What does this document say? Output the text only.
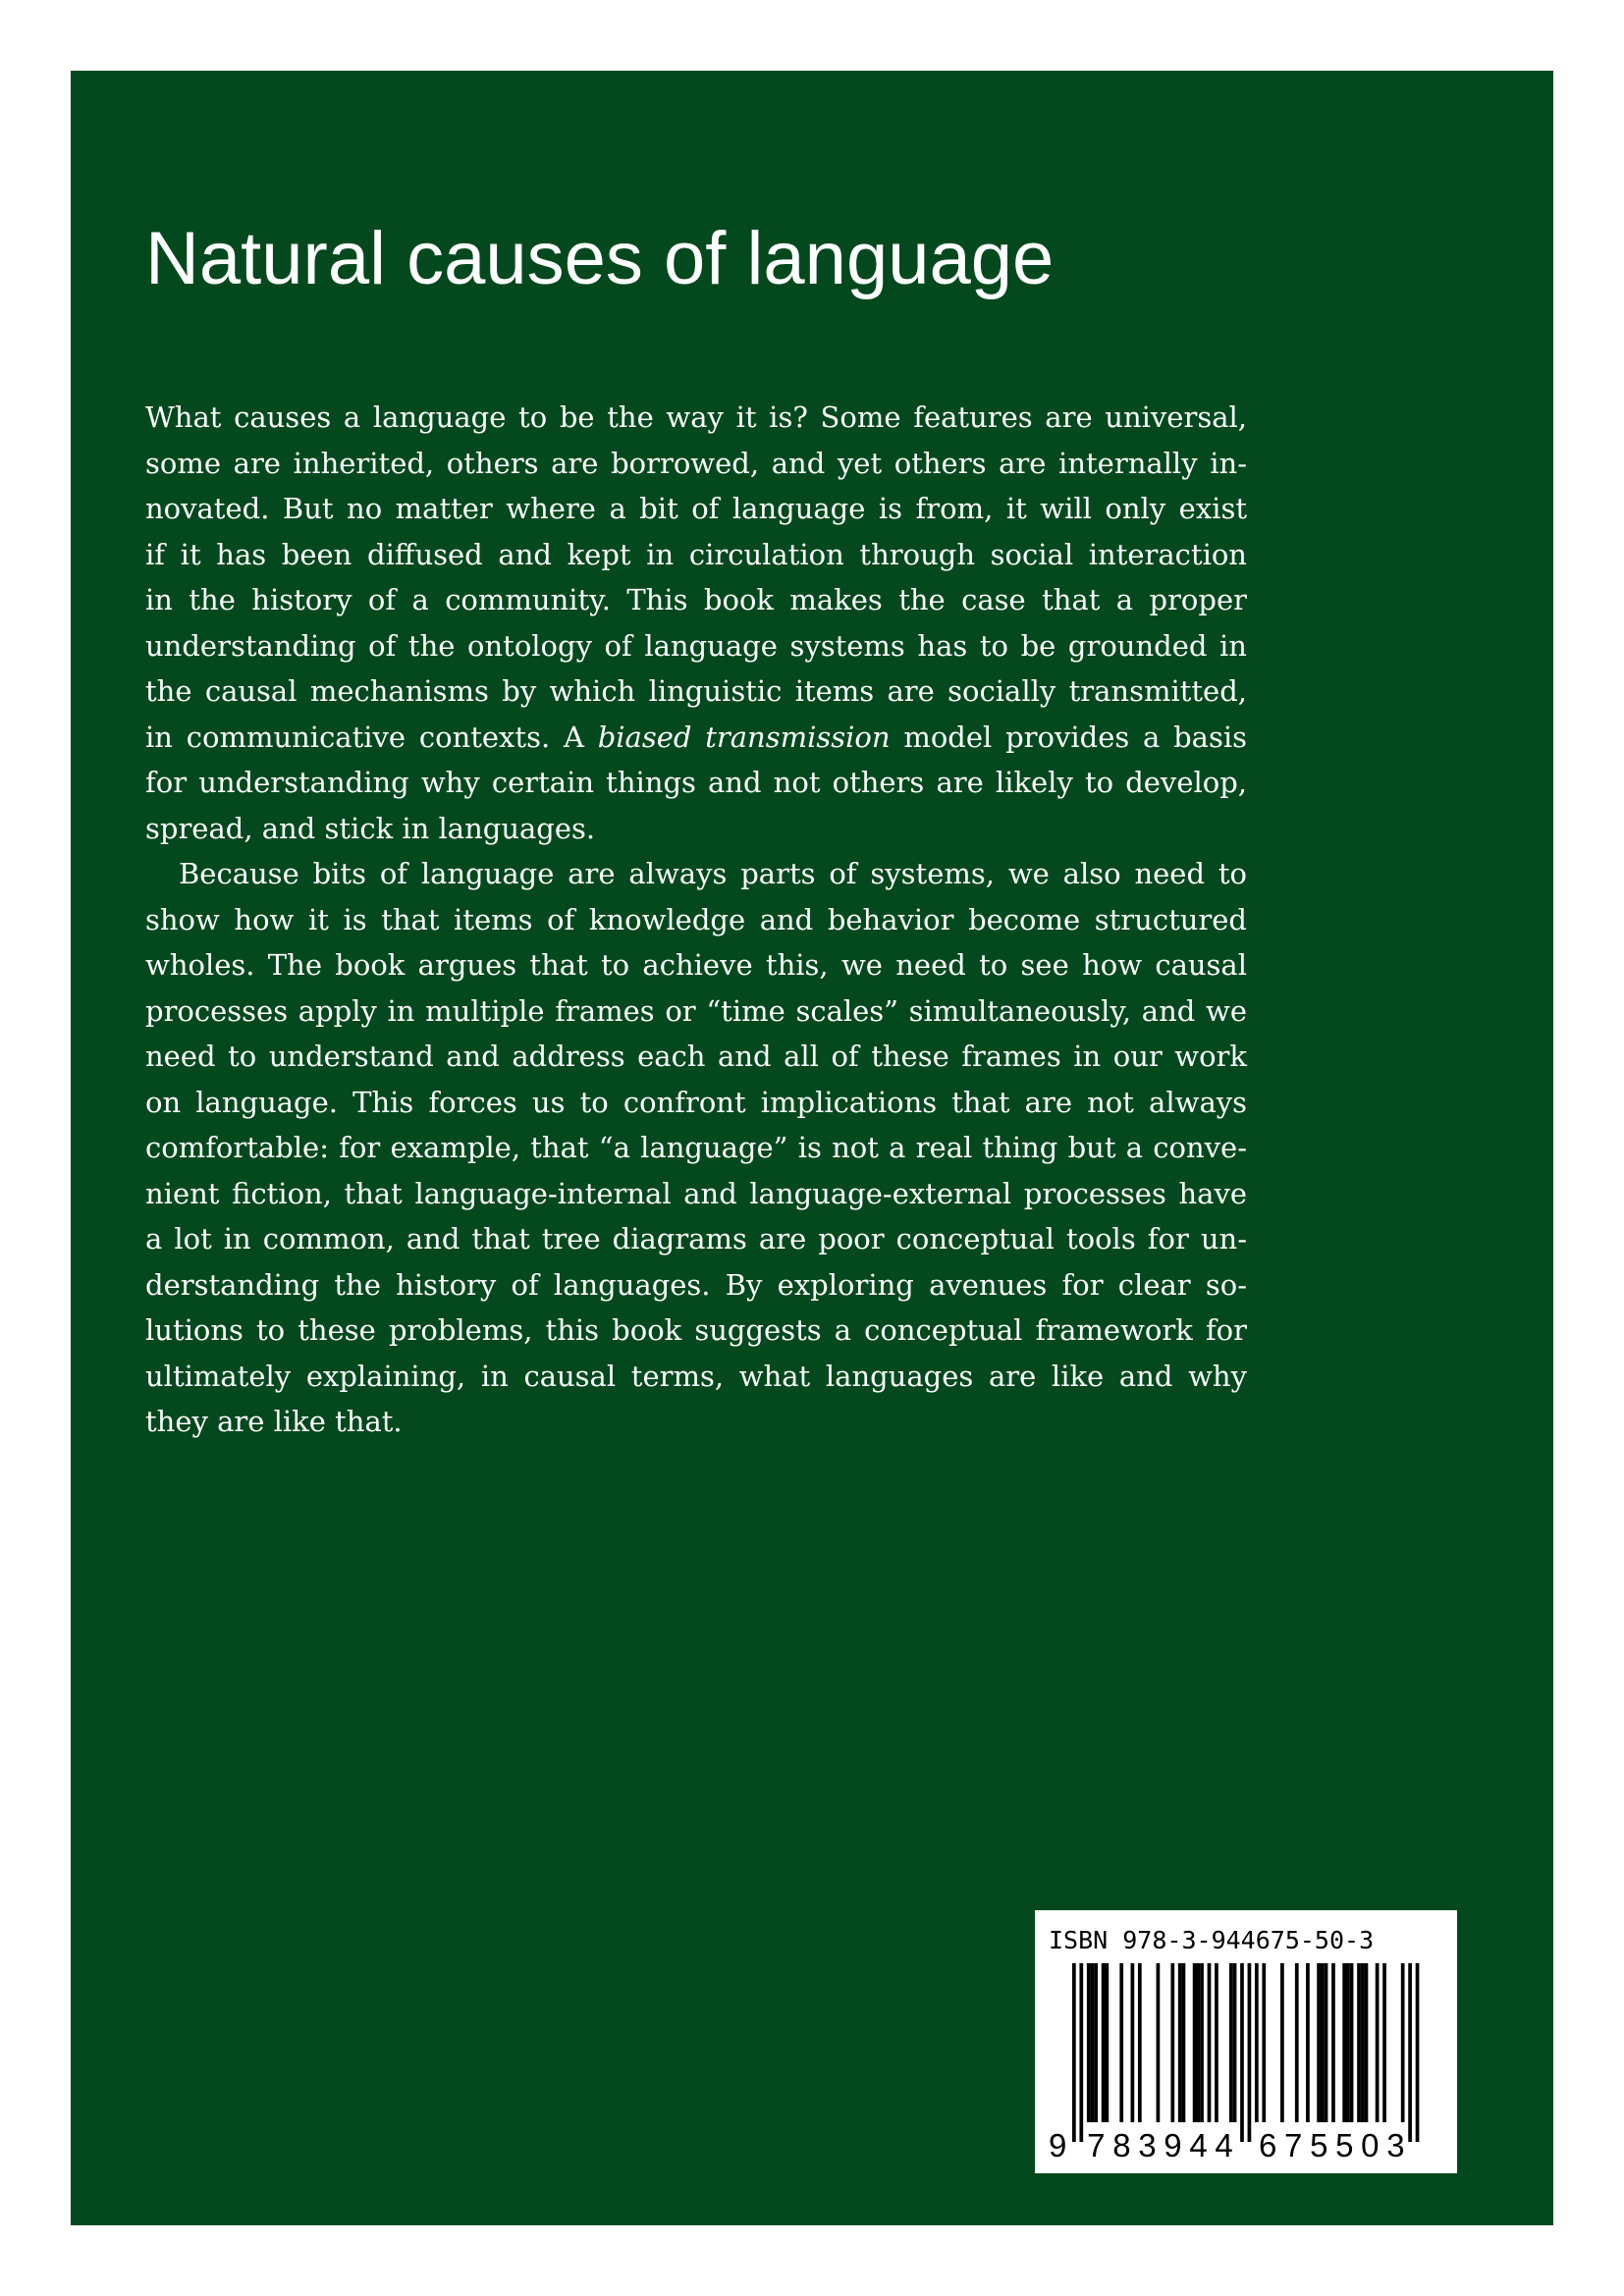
Natural causes of language
What causes a language to be the way it is? Some features are universal,
some are inherited, others are borrowed, and yet others are internally in-
novated. But no matter where a bit of language is from, it will only exist
if it has been diffused and kept in circulation through social interaction
in the history of a community. This book makes the case that a proper
understanding of the ontology of language systems has to be grounded in
the causal mechanisms by which linguistic items are socially transmitted,
in communicative contexts. A biased transmission model provides a basis
for understanding why certain things and not others are likely to develop,
spread, and stick in languages.
Because bits of language are always parts of systems, we also need to
show how it is that items of knowledge and behavior become structured
wholes. The book argues that to achieve this, we need to see how causal
processes apply in multiple frames or “time scales” simultaneously, and we
need to understand and address each and all of these frames in our work
on language. This forces us to confront implications that are not always
comfortable: for example, that “a language” is not a real thing but a conve-
nient fiction, that language-internal and language-external processes have
a lot in common, and that tree diagrams are poor conceptual tools for un-
derstanding the history of languages. By exploring avenues for clear so-
lutions to these problems, this book suggests a conceptual framework for
ultimately explaining, in causal terms, what languages are like and why
they are like that.
ISBN 978-3-944675-50-3
9 7	6
8	7
3	5
9	5
4	0
4	3
